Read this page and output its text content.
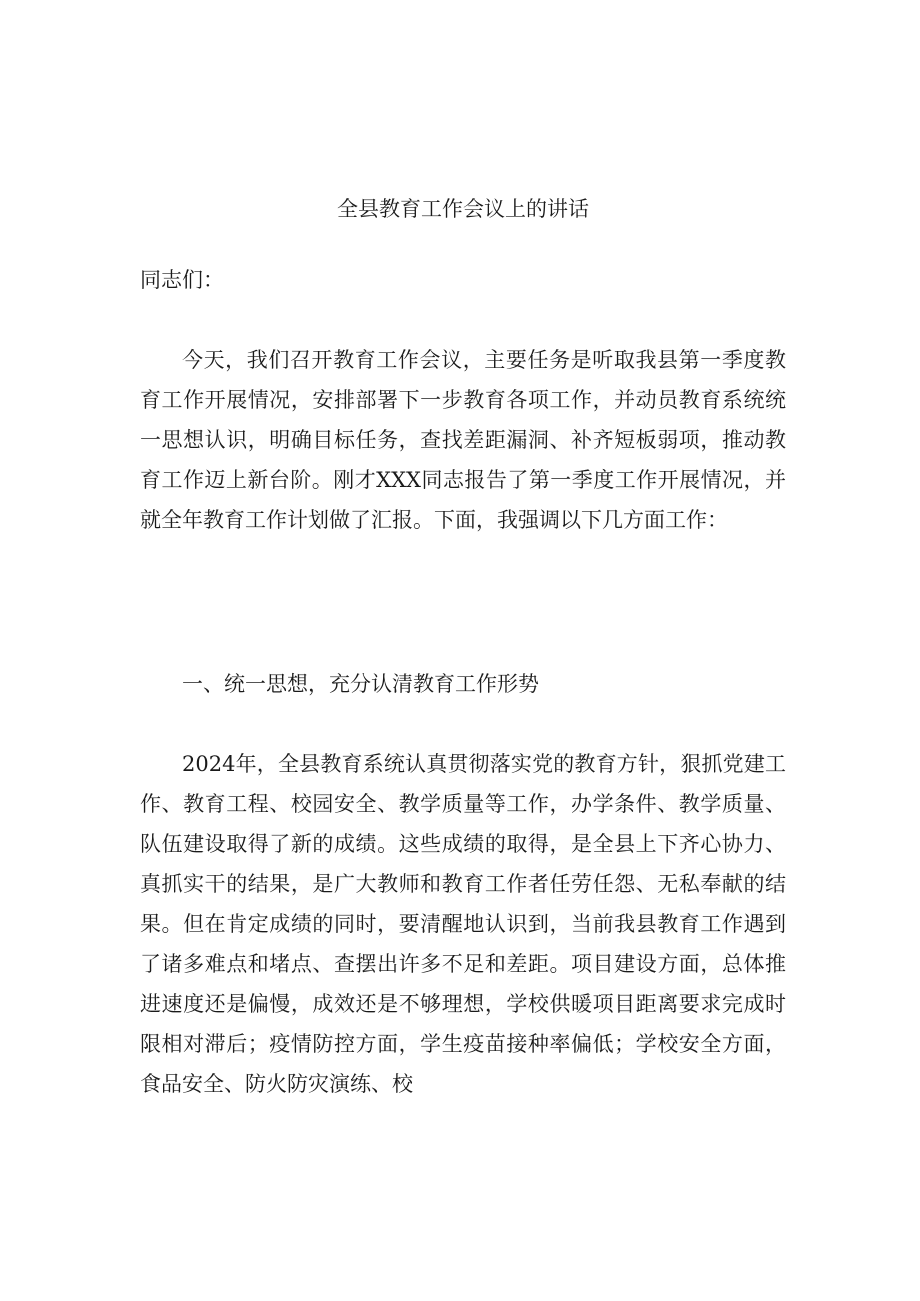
全县教育工作会议上的讲话

同志们：

今天，我们召开教育工作会议，主要任务是听取我县第一季度教育工作开展情况，安排部署下一步教育各项工作，并动员教育系统统一思想认识，明确目标任务，查找差距漏洞、补齐短板弱项，推动教育工作迈上新台阶。刚才XXX同志报告了第一季度工作开展情况，并就全年教育工作计划做了汇报。下面，我强调以下几方面工作：

一、统一思想，充分认清教育工作形势

2024年，全县教育系统认真贯彻落实党的教育方针，狠抓党建工作、教育工程、校园安全、教学质量等工作，办学条件、教学质量、队伍建设取得了新的成绩。这些成绩的取得，是全县上下齐心协力、真抓实干的结果，是广大教师和教育工作者任劳任怨、无私奉献的结果。但在肯定成绩的同时，要清醒地认识到，当前我县教育工作遇到了诸多难点和堵点、查摆出许多不足和差距。项目建设方面，总体推进速度还是偏慢，成效还是不够理想，学校供暖项目距离要求完成时限相对滞后；疫情防控方面，学生疫苗接种率偏低；学校安全方面，食品安全、防火防灾演练、校
